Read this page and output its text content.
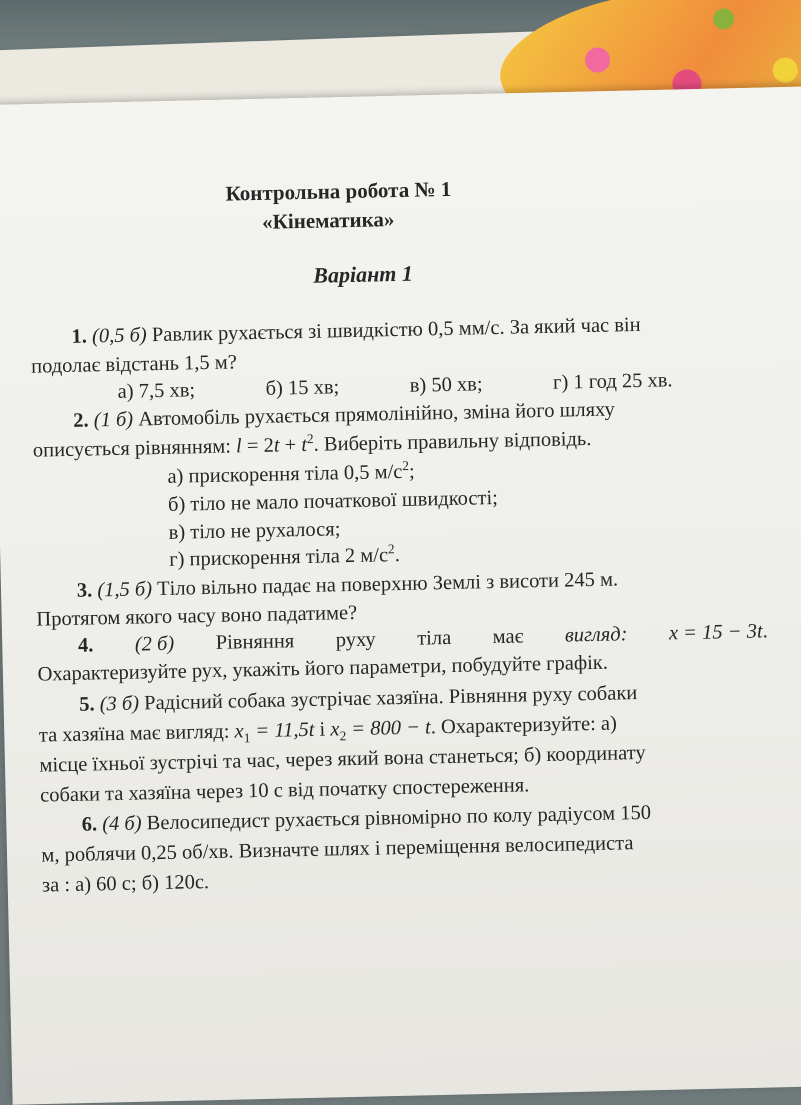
Контрольна робота № 1
«Кінематика»
Варіант 1
1. (0,5 б) Равлик рухається зі швидкістю 0,5 мм/с. За який час він
подолає відстань 1,5 м?
а) 7,5 хв;	б) 15 хв;	в) 50 хв;	г) 1 год 25 хв.
2. (1 б) Автомобіль рухається прямолінійно, зміна його шляху
описується рівнянням: $l = 2t + t^2$. Виберіть правильну відповідь.
а) прискорення тіла 0,5 $м/с^2$;
б) тіло не мало початкової швидкості;
в) тіло не рухалося;
г) прискорення тіла 2 $м/с^2$.
3. (1,5 б) Тіло вільно падає на поверхню Землі з висоти 245 м.
Протягом якого часу воно падатиме?
4. (2 б) Рівняння руху тіла має вигляд: x = 15 − 3t.
Охарактеризуйте рух, укажіть його параметри, побудуйте графік.
5. (3 б) Радісний собака зустрічає хазяїна. Рівняння руху собаки
та хазяїна має вигляд: $x_1 = 11,5t$ і $x_2 = 800 - t$. Охарактеризуйте: а)
місце їхньої зустрічі та час, через який вона станеться; б) координату
собаки та хазяїна через 10 с від початку спостереження.
6. (4 б) Велосипедист рухається рівномірно по колу радіусом 150
м, роблячи 0,25 об/хв. Визначте шлях і переміщення велосипедиста
за : а) 60 с; б) 120с.
